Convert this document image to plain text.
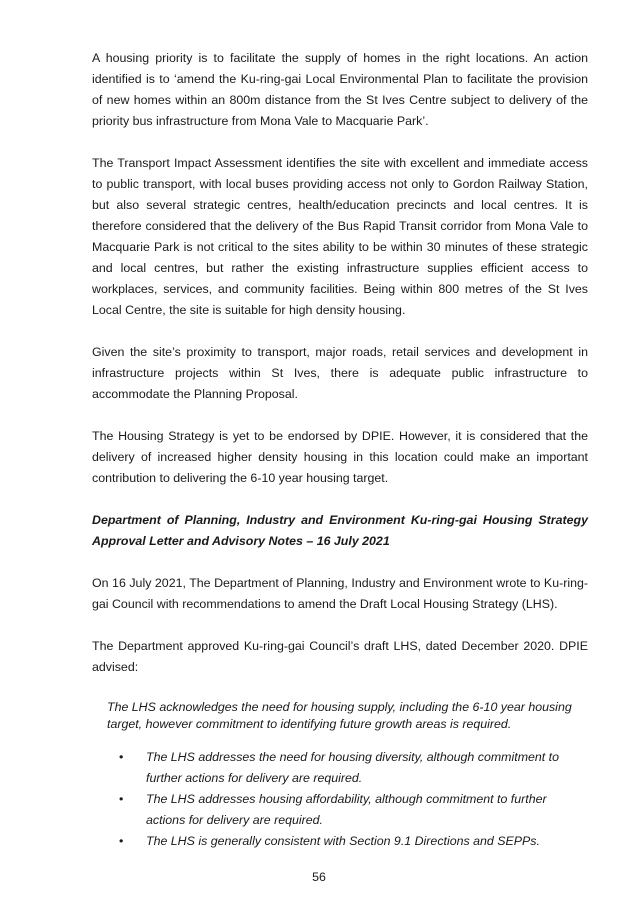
A housing priority is to facilitate the supply of homes in the right locations. An action identified is to ‘amend the Ku-ring-gai Local Environmental Plan to facilitate the provision of new homes within an 800m distance from the St Ives Centre subject to delivery of the priority bus infrastructure from Mona Vale to Macquarie Park’.

The Transport Impact Assessment identifies the site with excellent and immediate access to public transport, with local buses providing access not only to Gordon Railway Station, but also several strategic centres, health/education precincts and local centres. It is therefore considered that the delivery of the Bus Rapid Transit corridor from Mona Vale to Macquarie Park is not critical to the sites ability to be within 30 minutes of these strategic and local centres, but rather the existing infrastructure supplies efficient access to workplaces, services, and community facilities. Being within 800 metres of the St Ives Local Centre, the site is suitable for high density housing.

Given the site’s proximity to transport, major roads, retail services and development in infrastructure projects within St Ives, there is adequate public infrastructure to accommodate the Planning Proposal.

The Housing Strategy is yet to be endorsed by DPIE. However, it is considered that the delivery of increased higher density housing in this location could make an important contribution to delivering the 6-10 year housing target.

Department of Planning, Industry and Environment Ku-ring-gai Housing Strategy Approval Letter and Advisory Notes – 16 July 2021

On 16 July 2021, The Department of Planning, Industry and Environment wrote to Ku-ring-gai Council with recommendations to amend the Draft Local Housing Strategy (LHS).

The Department approved Ku-ring-gai Council’s draft LHS, dated December 2020. DPIE advised:

The LHS acknowledges the need for housing supply, including the 6-10 year housing target, however commitment to identifying future growth areas is required.

• The LHS addresses the need for housing diversity, although commitment to further actions for delivery are required.
• The LHS addresses housing affordability, although commitment to further actions for delivery are required.
• The LHS is generally consistent with Section 9.1 Directions and SEPPs.
56
